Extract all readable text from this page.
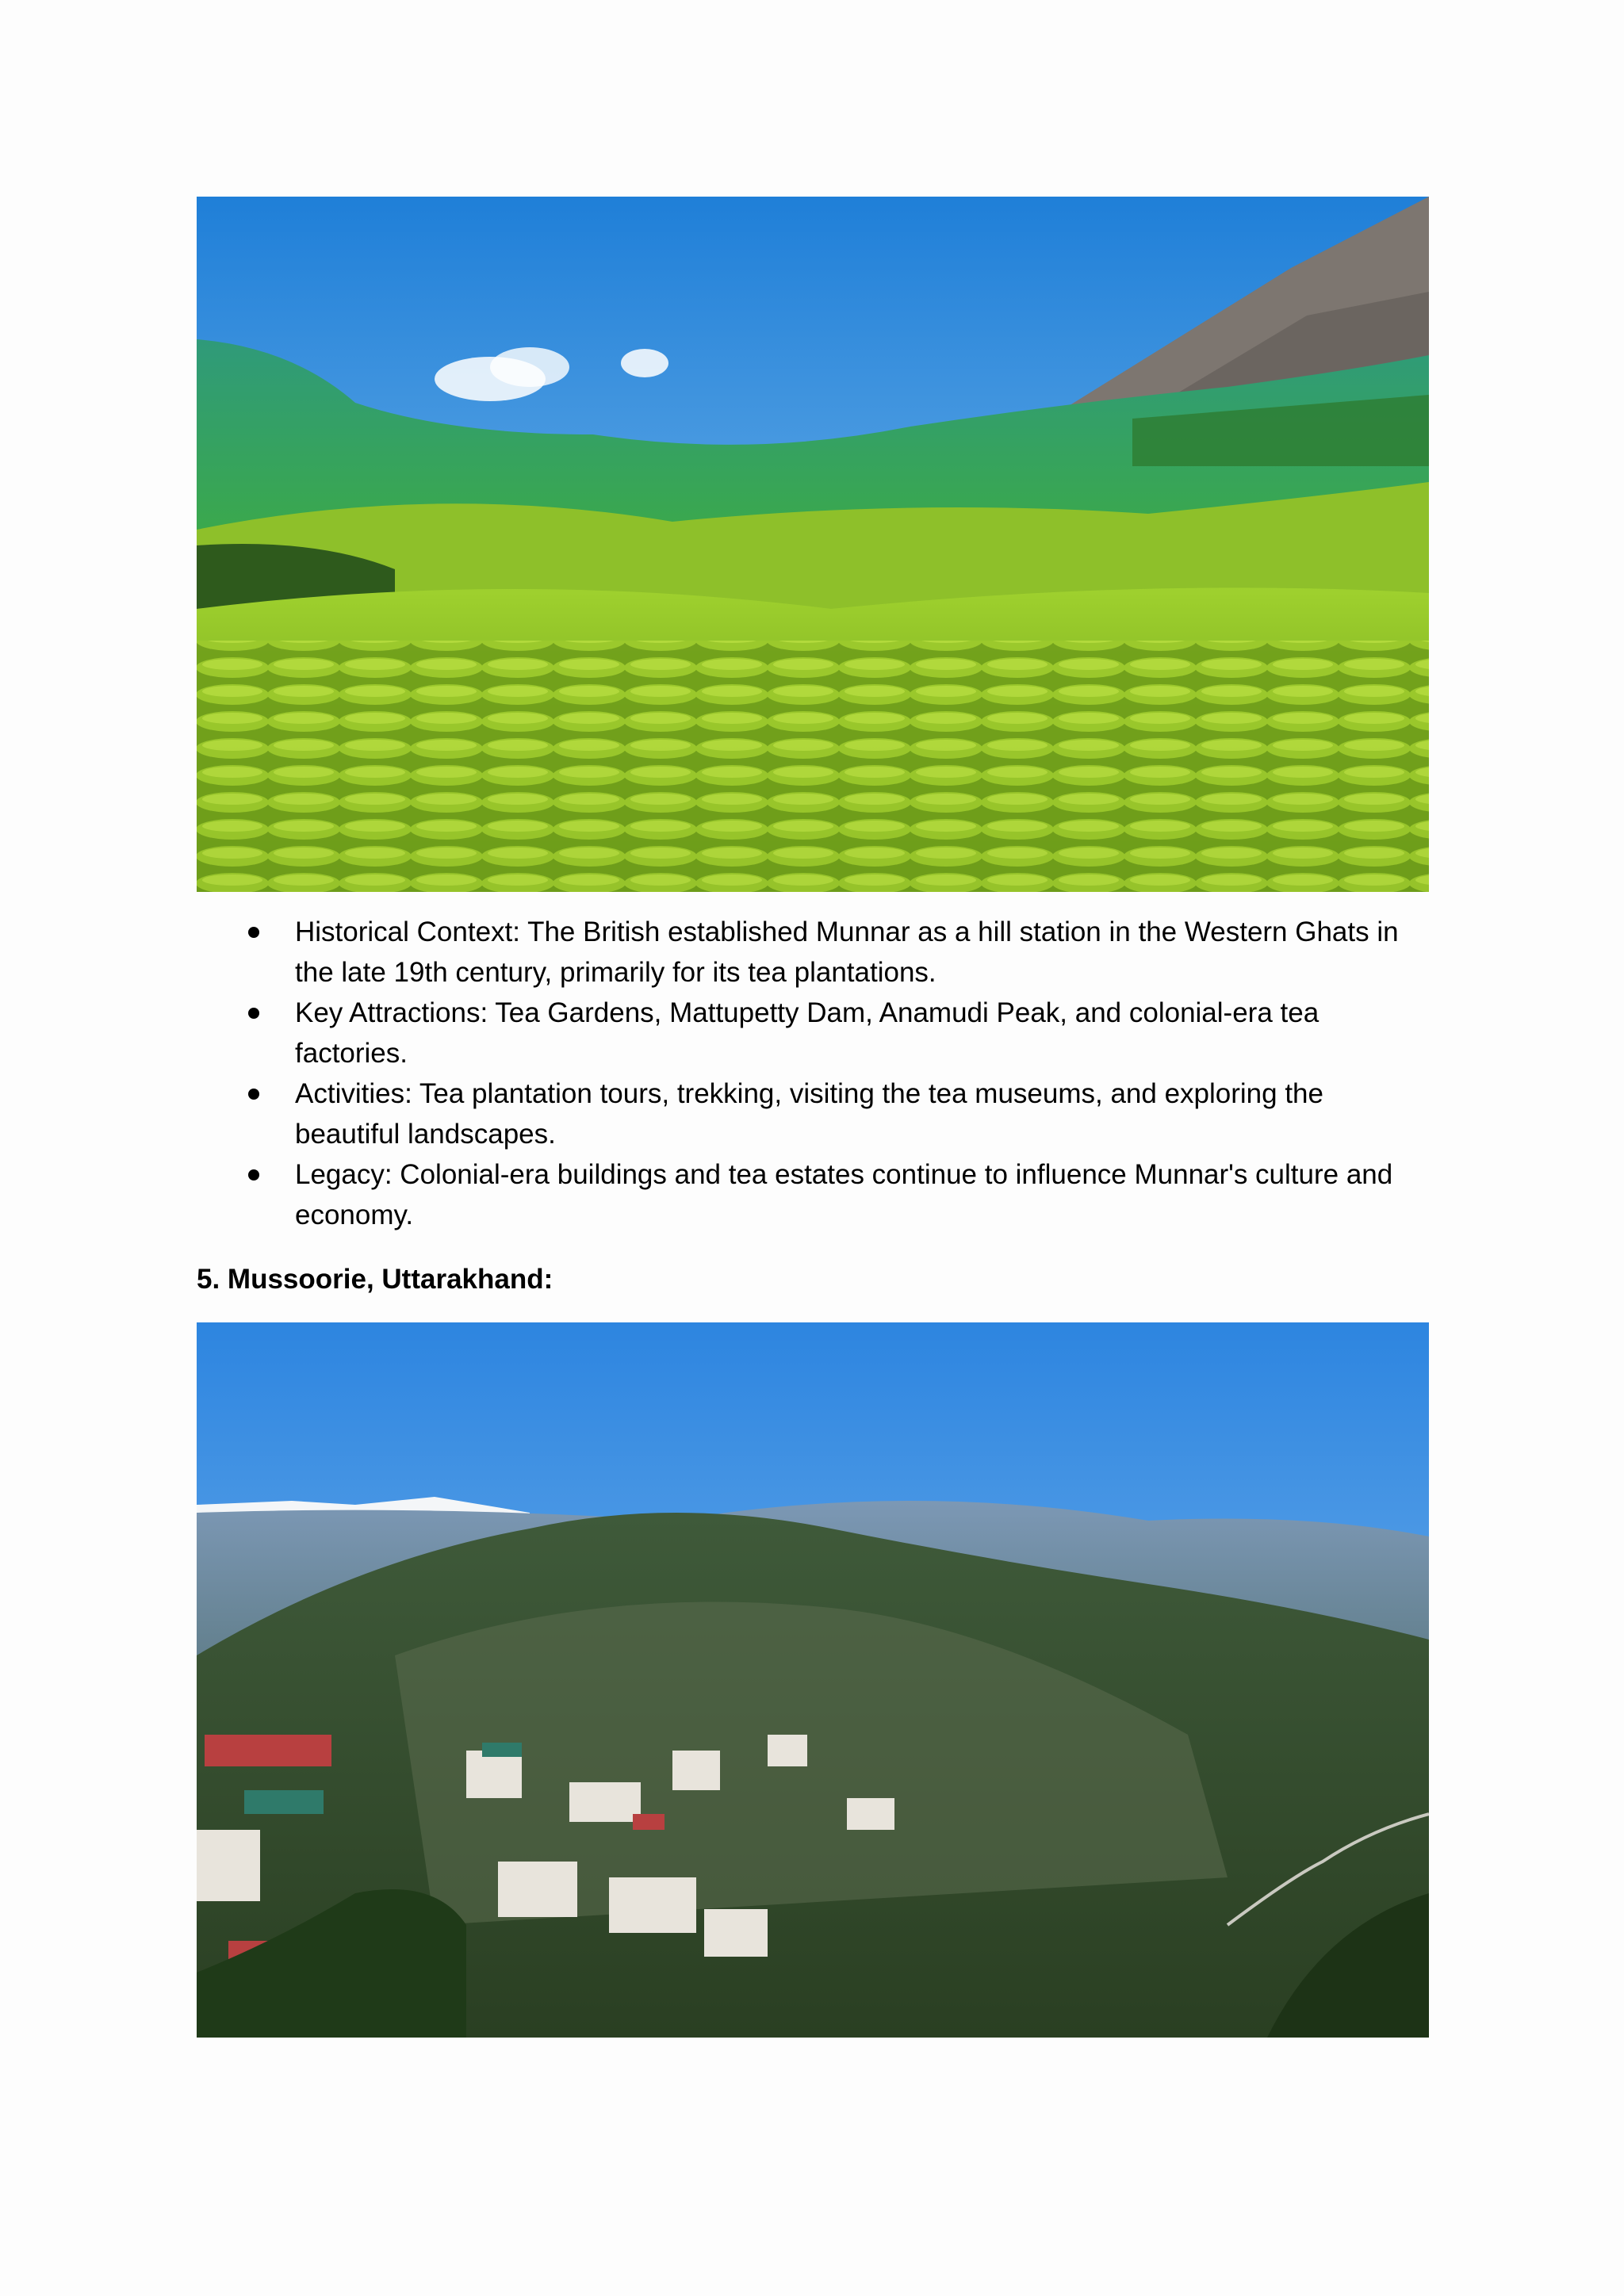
Historical Context: The British established Munnar as a hill station in the Western Ghats in the late 19th century, primarily for its tea plantations.
Key Attractions: Tea Gardens, Mattupetty Dam, Anamudi Peak, and colonial-era tea factories.
Activities: Tea plantation tours, trekking, visiting the tea museums, and exploring the beautiful landscapes.
Legacy: Colonial-era buildings and tea estates continue to influence Munnar's culture and economy.
5. Mussoorie, Uttarakhand:
